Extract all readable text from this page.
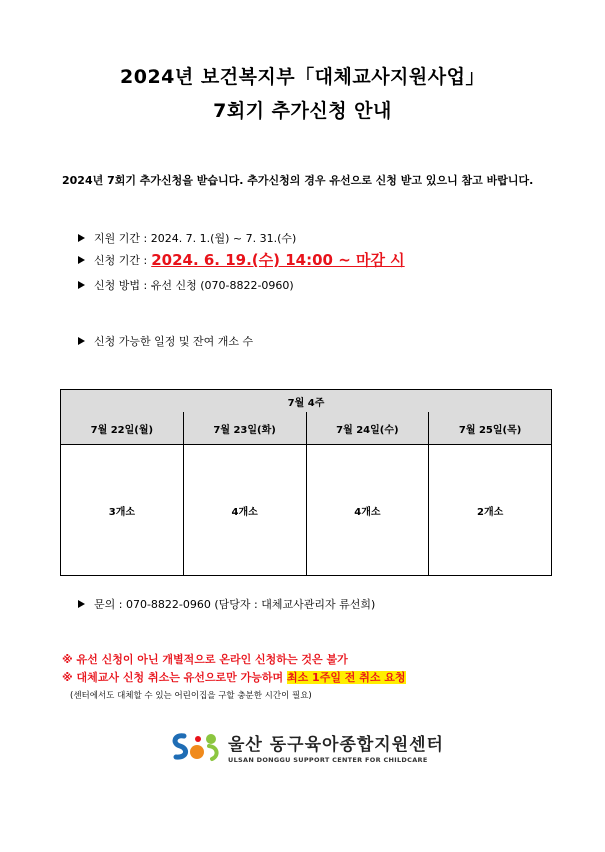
2024년 보건복지부「대체교사지원사업」
7회기 추가신청 안내
2024년 7회기 추가신청을 받습니다. 추가신청의 경우 유선으로 신청 받고 있으니 참고 바랍니다.
지원 기간 : 2024. 7. 1.(월) ~ 7. 31.(수)
신청 기간 : 2024. 6. 19.(수) 14:00 ~ 마감 시
신청 방법 : 유선 신청 (070-8822-0960)
신청 가능한 일정 및 잔여 개소 수
7월 4주			
7월 22일(월)	7월 23일(화)	7월 24일(수)	7월 25일(목)
3개소	4개소	4개소	2개소
문의 : 070-8822-0960 (담당자 : 대체교사관리자 류선희)
※ 유선 신청이 아닌 개별적으로 온라인 신청하는 것은 불가
※ 대체교사 신청 취소는 유선으로만 가능하며 최소 1주일 전 취소 요청
(센터에서도 대체할 수 있는 어린이집을 구할 충분한 시간이 필요)
울산 동구육아종합지원센터
ULSAN DONGGU SUPPORT CENTER FOR CHILDCARE
